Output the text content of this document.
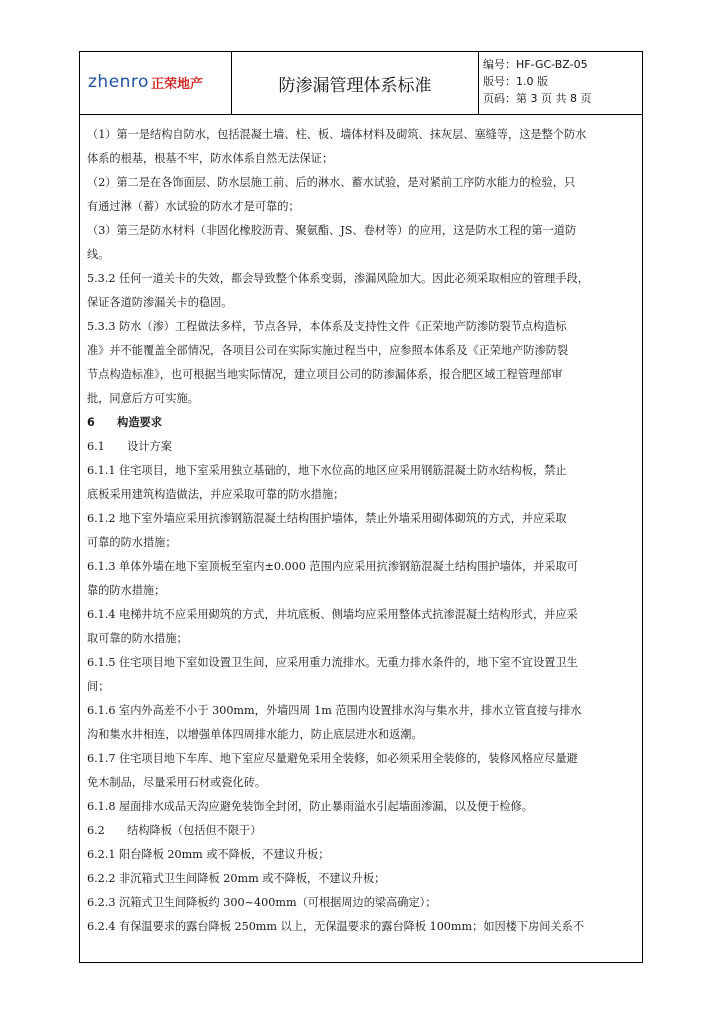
zhenro 正荣地产	防渗漏管理体系标准
编号：HF-GC-BZ-05
版号：1.0 版
页码：第 3 页 共 8 页

（1）第一是结构自防水，包括混凝土墙、柱、板、墙体材料及砌筑、抹灰层、塞缝等，这是整个防水

体系的根基，根基不牢，防水体系自然无法保证；

（2）第二是在各饰面层、防水层施工前、后的淋水、蓄水试验，是对紧前工序防水能力的检验，只

有通过淋（蓄）水试验的防水才是可靠的；

（3）第三是防水材料（非固化橡胶沥青、聚氨酯、JS、卷材等）的应用，这是防水工程的第一道防

线。

5.3.2 任何一道关卡的失效，都会导致整个体系变弱，渗漏风险加大。因此必须采取相应的管理手段，

保证各道防渗漏关卡的稳固。

5.3.3 防水（渗）工程做法多样，节点各异，本体系及支持性文件《正荣地产防渗防裂节点构造标

准》并不能覆盖全部情况，各项目公司在实际实施过程当中，应参照本体系及《正荣地产防渗防裂

节点构造标准》，也可根据当地实际情况，建立项目公司的防渗漏体系，报合肥区域工程管理部审

批，同意后方可实施。

6　　构造要求

6.1　　设计方案

6.1.1 住宅项目，地下室采用独立基础的，地下水位高的地区应采用钢筋混凝土防水结构板，禁止

底板采用建筑构造做法，并应采取可靠的防水措施；

6.1.2 地下室外墙应采用抗渗钢筋混凝土结构围护墙体，禁止外墙采用砌体砌筑的方式，并应采取

可靠的防水措施；

6.1.3 单体外墙在地下室顶板至室内±0.000 范围内应采用抗渗钢筋混凝土结构围护墙体，并采取可

靠的防水措施；

6.1.4 电梯井坑不应采用砌筑的方式，井坑底板、侧墙均应采用整体式抗渗混凝土结构形式，并应采

取可靠的防水措施；

6.1.5 住宅项目地下室如设置卫生间，应采用重力流排水。无重力排水条件的，地下室不宜设置卫生

间；

6.1.6 室内外高差不小于 300mm，外墙四周 1m 范围内设置排水沟与集水井，排水立管直接与排水

沟和集水井相连，以增强单体四周排水能力，防止底层进水和返潮。

6.1.7 住宅项目地下车库、地下室应尽量避免采用全装修，如必须采用全装修的，装修风格应尽量避

免木制品，尽量采用石材或瓷化砖。

6.1.8 屋面排水成品天沟应避免装饰全封闭，防止暴雨溢水引起墙面渗漏，以及便于检修。

6.2　　结构降板（包括但不限于）

6.2.1 阳台降板 20mm 或不降板，不建议升板；

6.2.2 非沉箱式卫生间降板 20mm 或不降板，不建议升板；

6.2.3 沉箱式卫生间降板约 300~400mm（可根据周边的梁高确定）；

6.2.4 有保温要求的露台降板 250mm 以上，无保温要求的露台降板 100mm；如因楼下房间关系不
